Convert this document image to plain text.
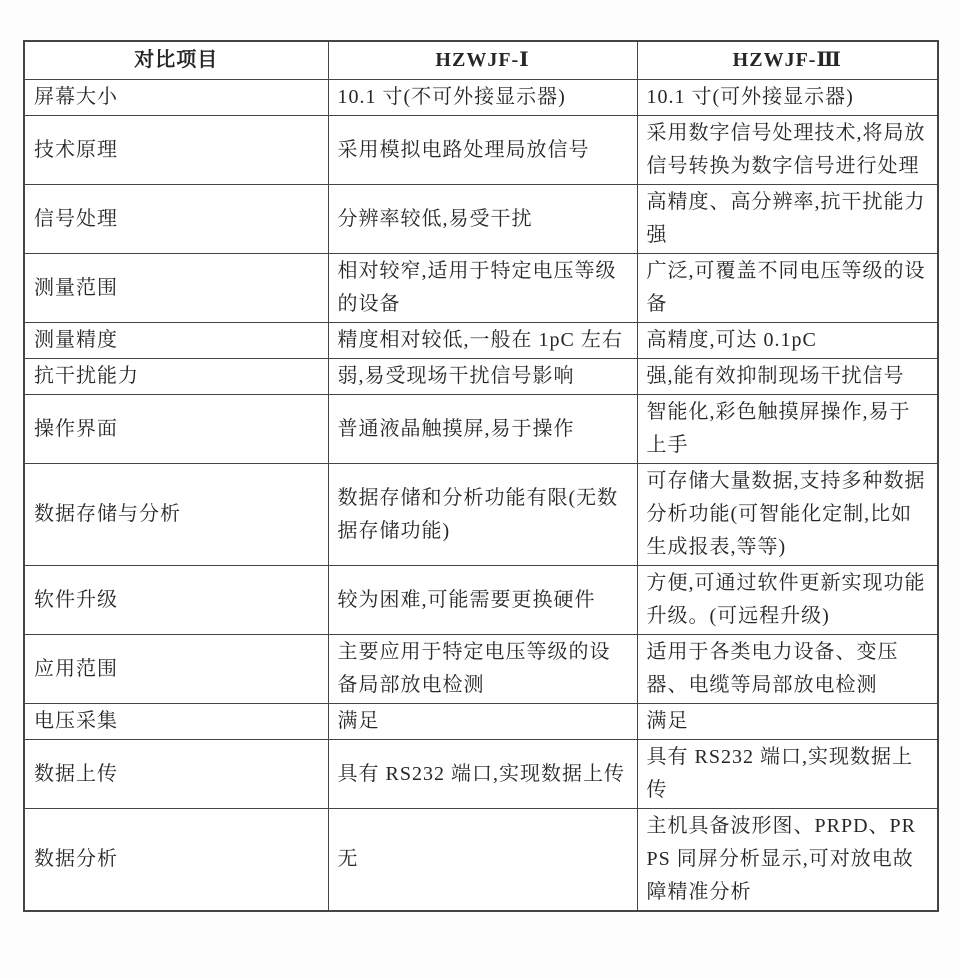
对比项目	HZWJF-Ⅰ	HZWJF-Ⅲ
屏幕大小	10.1 寸(不可外接显示器)	10.1 寸(可外接显示器)
技术原理	采用模拟电路处理局放信号	采用数字信号处理技术,将局放信号转换为数字信号进行处理
信号处理	分辨率较低,易受干扰	高精度、高分辨率,抗干扰能力强
测量范围	相对较窄,适用于特定电压等级的设备	广泛,可覆盖不同电压等级的设备
测量精度	精度相对较低,一般在 1pC 左右	高精度,可达 0.1pC
抗干扰能力	弱,易受现场干扰信号影响	强,能有效抑制现场干扰信号
操作界面	普通液晶触摸屏,易于操作	智能化,彩色触摸屏操作,易于上手
数据存储与分析	数据存储和分析功能有限(无数据存储功能)	可存储大量数据,支持多种数据分析功能(可智能化定制,比如生成报表,等等)
软件升级	较为困难,可能需要更换硬件	方便,可通过软件更新实现功能升级。(可远程升级)
应用范围	主要应用于特定电压等级的设备局部放电检测	适用于各类电力设备、变压器、电缆等局部放电检测
电压采集	满足	满足
数据上传	具有 RS232 端口,实现数据上传	具有 RS232 端口,实现数据上传
数据分析	无	主机具备波形图、PRPD、PRPS 同屏分析显示,可对放电故障精准分析
